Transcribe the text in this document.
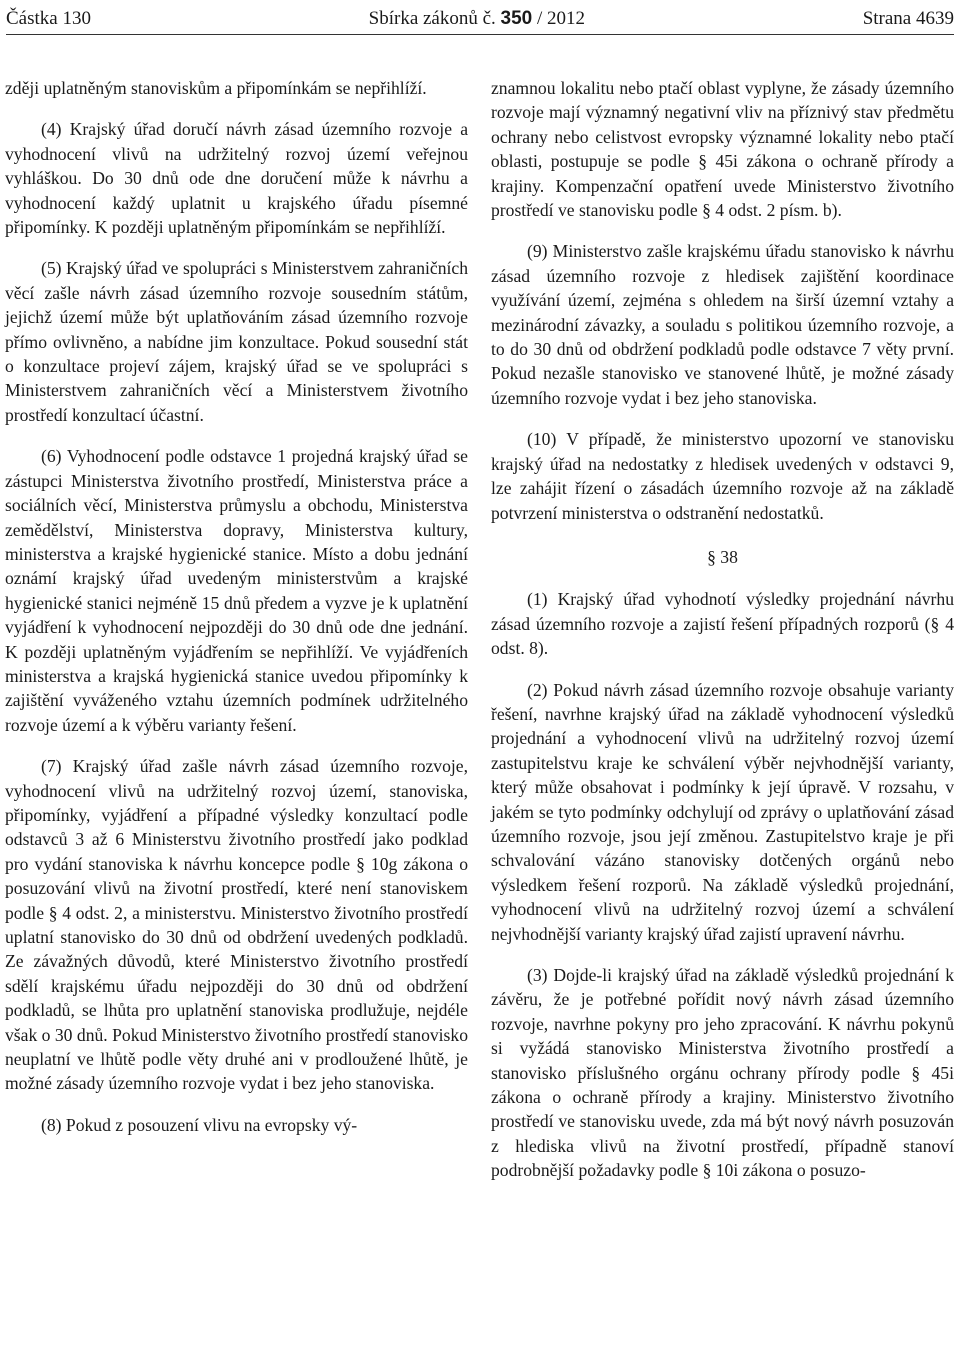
Částka 130	Sbírka zákonů č. 350 / 2012	Strana 4639

zději uplatněným stanoviskům a připomínkám se nepřihlíží.

(4) Krajský úřad doručí návrh zásad územního rozvoje a vyhodnocení vlivů na udržitelný rozvoj území veřejnou vyhláškou. Do 30 dnů ode dne doručení může k návrhu a vyhodnocení každý uplatnit u krajského úřadu písemné připomínky. K později uplatněným připomínkám se nepřihlíží.

(5) Krajský úřad ve spolupráci s Ministerstvem zahraničních věcí zašle návrh zásad územního rozvoje sousedním státům, jejichž území může být uplatňováním zásad územního rozvoje přímo ovlivněno, a nabídne jim konzultace. Pokud sousední stát o konzultace projeví zájem, krajský úřad se ve spolupráci s Ministerstvem zahraničních věcí a Ministerstvem životního prostředí konzultací účastní.

(6) Vyhodnocení podle odstavce 1 projedná krajský úřad se zástupci Ministerstva životního prostředí, Ministerstva práce a sociálních věcí, Ministerstva průmyslu a obchodu, Ministerstva zemědělství, Ministerstva dopravy, Ministerstva kultury, ministerstva a krajské hygienické stanice. Místo a dobu jednání oznámí krajský úřad uvedeným ministerstvům a krajské hygienické stanici nejméně 15 dnů předem a vyzve je k uplatnění vyjádření k vyhodnocení nejpozději do 30 dnů ode dne jednání. K později uplatněným vyjádřením se nepřihlíží. Ve vyjádřeních ministerstva a krajská hygienická stanice uvedou připomínky k zajištění vyváženého vztahu územních podmínek udržitelného rozvoje území a k výběru varianty řešení.

(7) Krajský úřad zašle návrh zásad územního rozvoje, vyhodnocení vlivů na udržitelný rozvoj území, stanoviska, připomínky, vyjádření a případné výsledky konzultací podle odstavců 3 až 6 Ministerstvu životního prostředí jako podklad pro vydání stanoviska k návrhu koncepce podle § 10g zákona o posuzování vlivů na životní prostředí, které není stanoviskem podle § 4 odst. 2, a ministerstvu. Ministerstvo životního prostředí uplatní stanovisko do 30 dnů od obdržení uvedených podkladů. Ze závažných důvodů, které Ministerstvo životního prostředí sdělí krajskému úřadu nejpozději do 30 dnů od obdržení podkladů, se lhůta pro uplatnění stanoviska prodlužuje, nejdéle však o 30 dnů. Pokud Ministerstvo životního prostředí stanovisko neuplatní ve lhůtě podle věty druhé ani v prodloužené lhůtě, je možné zásady územního rozvoje vydat i bez jeho stanoviska.

(8) Pokud z posouzení vlivu na evropsky vý-

znamnou lokalitu nebo ptačí oblast vyplyne, že zásady územního rozvoje mají významný negativní vliv na příznivý stav předmětu ochrany nebo celistvost evropsky významné lokality nebo ptačí oblasti, postupuje se podle § 45i zákona o ochraně přírody a krajiny. Kompenzační opatření uvede Ministerstvo životního prostředí ve stanovisku podle § 4 odst. 2 písm. b).

(9) Ministerstvo zašle krajskému úřadu stanovisko k návrhu zásad územního rozvoje z hledisek zajištění koordinace využívání území, zejména s ohledem na širší územní vztahy a mezinárodní závazky, a souladu s politikou územního rozvoje, a to do 30 dnů od obdržení podkladů podle odstavce 7 věty první. Pokud nezašle stanovisko ve stanovené lhůtě, je možné zásady územního rozvoje vydat i bez jeho stanoviska.

(10) V případě, že ministerstvo upozorní ve stanovisku krajský úřad na nedostatky z hledisek uvedených v odstavci 9, lze zahájit řízení o zásadách územního rozvoje až na základě potvrzení ministerstva o odstranění nedostatků.

§ 38

(1) Krajský úřad vyhodnotí výsledky projednání návrhu zásad územního rozvoje a zajistí řešení případných rozporů (§ 4 odst. 8).

(2) Pokud návrh zásad územního rozvoje obsahuje varianty řešení, navrhne krajský úřad na základě vyhodnocení výsledků projednání a vyhodnocení vlivů na udržitelný rozvoj území zastupitelstvu kraje ke schválení výběr nejvhodnější varianty, který může obsahovat i podmínky k její úpravě. V rozsahu, v jakém se tyto podmínky odchylují od zprávy o uplatňování zásad územního rozvoje, jsou její změnou. Zastupitelstvo kraje je při schvalování vázáno stanovisky dotčených orgánů nebo výsledkem řešení rozporů. Na základě výsledků projednání, vyhodnocení vlivů na udržitelný rozvoj území a schválení nejvhodnější varianty krajský úřad zajistí upravení návrhu.

(3) Dojde-li krajský úřad na základě výsledků projednání k závěru, že je potřebné pořídit nový návrh zásad územního rozvoje, navrhne pokyny pro jeho zpracování. K návrhu pokynů si vyžádá stanovisko Ministerstva životního prostředí a stanovisko příslušného orgánu ochrany přírody podle § 45i zákona o ochraně přírody a krajiny. Ministerstvo životního prostředí ve stanovisku uvede, zda má být nový návrh posuzován z hlediska vlivů na životní prostředí, případně stanoví podrobnější požadavky podle § 10i zákona o posuzo-
